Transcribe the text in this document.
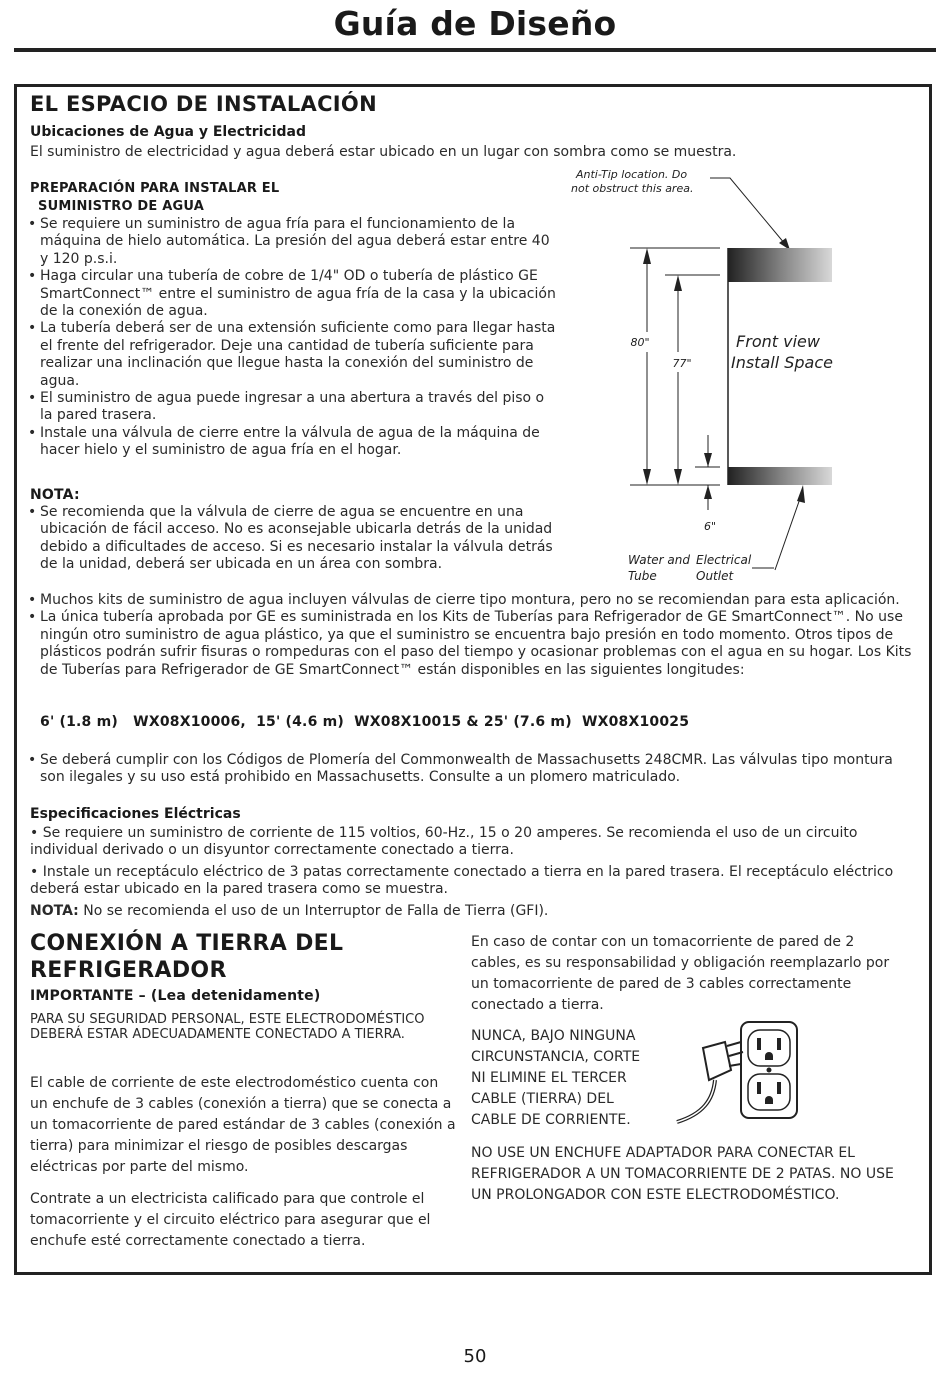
Guía de Diseño
EL ESPACIO DE INSTALACIÓN
Ubicaciones de Agua y Electricidad
El suministro de electricidad y agua deberá estar ubicado en un lugar con sombra como se muestra.
PREPARACIÓN PARA INSTALAR EL
SUMINISTRO DE AGUA
• Se requiere un suministro de agua fría para el funcionamiento de la máquina de hielo automática. La presión del agua deberá estar entre 40 y 120 p.s.i.
• Haga circular una tubería de cobre de 1/4" OD o tubería de plástico GE SmartConnect™ entre el suministro de agua fría de la casa y la ubicación de la conexión de agua.
• La tubería deberá ser de una extensión suficiente como para llegar hasta el frente del refrigerador. Deje una cantidad de tubería suficiente para realizar una inclinación que llegue hasta la conexión del suministro de agua.
• El suministro de agua puede ingresar a una abertura a través del piso o la pared trasera.
• Instale una válvula de cierre entre la válvula de agua de la máquina de hacer hielo y el suministro de agua fría en el hogar.
NOTA:
• Se recomienda que la válvula de cierre de agua se encuentre en una ubicación de fácil acceso. No es aconsejable ubicarla detrás de la unidad debido a dificultades de acceso. Si es necesario instalar la válvula detrás de la unidad, deberá ser ubicada en un área con sombra.
• Muchos kits de suministro de agua incluyen válvulas de cierre tipo montura, pero no se recomiendan para esta aplicación.
• La única tubería aprobada por GE es suministrada en los Kits de Tuberías para Refrigerador de GE SmartConnect™. No use ningún otro suministro de agua plástico, ya que el suministro se encuentra bajo presión en todo momento. Otros tipos de plásticos podrán sufrir fisuras o rompeduras con el paso del tiempo y ocasionar problemas con el agua en su hogar. Los Kits de Tuberías para Refrigerador de GE SmartConnect™ están disponibles en las siguientes longitudes:
6' (1.8 m)   WX08X10006,  15' (4.6 m)  WX08X10015 & 25' (7.6 m)  WX08X10025
• Se deberá cumplir con los Códigos de Plomería del Commonwealth de Massachusetts 248CMR. Las válvulas tipo montura son ilegales y su uso está prohibido en Massachusetts. Consulte a un plomero matriculado.
Especificaciones Eléctricas
• Se requiere un suministro de corriente de 115 voltios, 60-Hz., 15 o 20 amperes. Se recomienda el uso de un circuito individual derivado o un disyuntor correctamente conectado a tierra.
• Instale un receptáculo eléctrico de 3 patas correctamente conectado a tierra en la pared trasera. El receptáculo eléctrico deberá estar ubicado en la pared trasera como se muestra.
NOTA: No se recomienda el uso de un Interruptor de Falla de Tierra (GFI).
Anti-Tip location. Do
not obstruct this area.
Front view
Install Space
80"
77"
6"
Water and Electrical
Tube	Outlet
CONEXIÓN A TIERRA DEL
REFRIGERADOR
IMPORTANTE – (Lea detenidamente)
PARA SU SEGURIDAD PERSONAL, ESTE ELECTRODOMÉSTICO DEBERÁ ESTAR ADECUADAMENTE CONECTADO A TIERRA.
El cable de corriente de este electrodoméstico cuenta con un enchufe de 3 cables (conexión a tierra) que se conecta a un tomacorriente de pared estándar de 3 cables (conexión a tierra) para minimizar el riesgo de posibles descargas eléctricas por parte del mismo.
Contrate a un electricista calificado para que controle el tomacorriente y el circuito eléctrico para asegurar que el enchufe esté correctamente conectado a tierra.
En caso de contar con un tomacorriente de pared de 2 cables, es su responsabilidad y obligación reemplazarlo por un tomacorriente de pared de 3 cables correctamente conectado a tierra.
NUNCA, BAJO NINGUNA
CIRCUNSTANCIA, CORTE
NI ELIMINE EL TERCER
CABLE (TIERRA) DEL
CABLE DE CORRIENTE.
NO USE UN ENCHUFE ADAPTADOR PARA CONECTAR EL REFRIGERADOR A UN TOMACORRIENTE DE 2 PATAS. NO USE UN PROLONGADOR CON ESTE ELECTRODOMÉSTICO.
50
